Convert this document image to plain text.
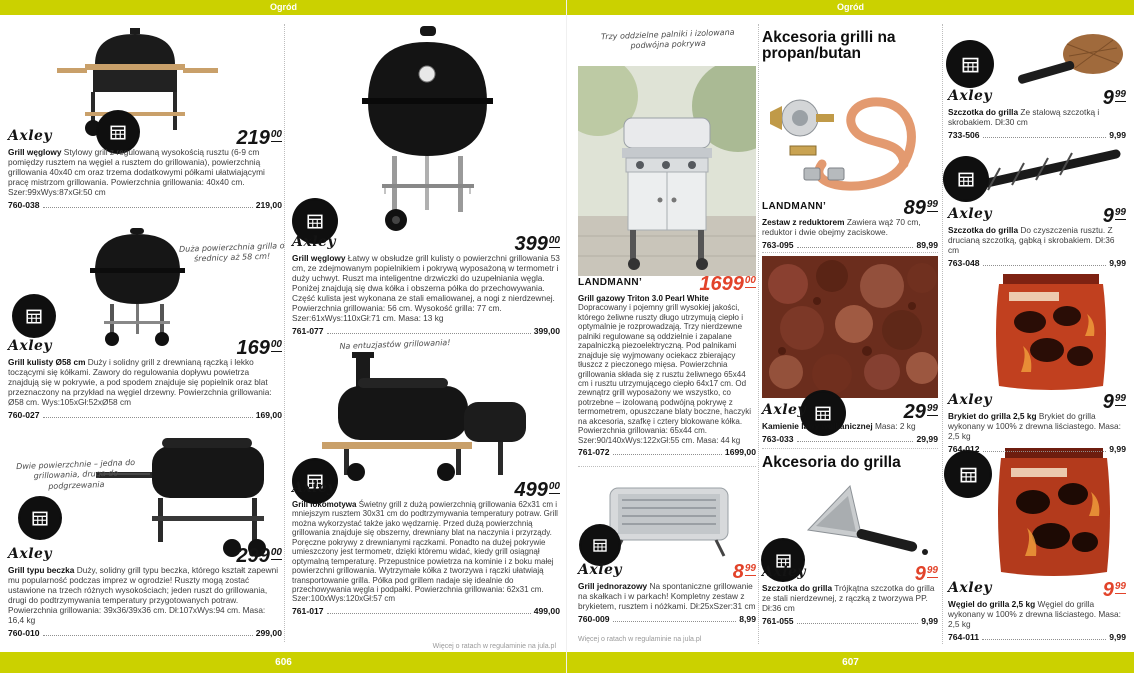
Ogród	Ogród
606	607
Więcej o ratach w regulaminie na jula.pl
Więcej o ratach w regulaminie na jula.pl
Duża powierzchnia grilla o średnicy aż 58 cm!
Dwie powierzchnie – jedna do grillowania, druga do podgrzewania
Na entuzjastów grillowania!
Trzy oddzielne palniki i izolowana podwójna pokrywa	Akcesoria grilli na propan/butan
Akcesoria do grilla
Axley	21900

Grill węglowy Stylowy grill z regulowaną wysokością rusztu (6-9 cm pomiędzy rusztem na węgiel a rusztem do grillowania), powierzchnią grillowania 40x40 cm oraz trzema dodatkowymi półkami ułatwiającymi pracę mistrzom grillowania. Powierzchnia grillowania: 40x40 cm. Szer:99xWys:87xGł:50 cm

760-038	219,00
Axley	16900

Grill kulisty Ø58 cm Duży i solidny grill z drewnianą rączką i lekko toczącymi się kółkami. Zawory do regulowania dopływu powietrza znajdują się w pokrywie, a pod spodem znajduje się popielnik oraz blat przeznaczony na przykład na węgiel drzewny. Powierzchnia grillowania: Ø58 cm. Wys:105xGł:52xØ58 cm

760-027	169,00
Axley	29900

Grill typu beczka Duży, solidny grill typu beczka, którego kształt zapewni mu popularność podczas imprez w ogrodzie! Ruszty mogą zostać ustawione na trzech różnych wysokościach; jeden ruszt do grillowania, drugi do podtrzymywania temperatury przygotowanych potraw. Powierzchnia grillowania: 39x36/39x36 cm. Dł:107xWys:94 cm. Masa: 16,4 kg

760-010	299,00
Axley	39900

Grill węglowy Łatwy w obsłudze grill kulisty o powierzchni grillowania 53 cm, ze zdejmowanym popielnikiem i pokrywą wyposażoną w termometr i duży uchwyt. Ruszt ma inteligentne drzwiczki do uzupełniania węgla. Poniżej znajdują się dwa kółka i obszerna półka do przechowywania. Część kulista jest wykonana ze stali emaliowanej, a nogi z nierdzewnej. Powierzchnia grillowania: 56 cm. Wysokość grilla: 77 cm. Szer:61xWys:110xGł:71 cm. Masa: 13 kg

761-077	399,00
Axley	49900

Grill lokomotywa Świetny grill z dużą powierzchnią grillowania 62x31 cm i mniejszym rusztem 30x31 cm do podtrzymywania temperatury potraw. Grill można wykorzystać także jako wędzarnię. Przed dużą powierzchnią grillowania znajduje się obszerny, drewniany blat na naczynia i przyrządy. Poręczne pokrywy z drewnianymi rączkami. Ponadto na dużej pokrywie umieszczony jest termometr, dzięki któremu widać, kiedy grill osiągnął optymalną temperaturę. Przepustnice powietrza na kominie i z boku małej powierzchni grillowania. Wytrzymałe kółka z tworzywa i rączki ułatwiają transportowanie grilla. Półka pod grillem nadaje się idealnie do przechowywania węgla i podpałki. Powierzchnia grillowania: 62x31 cm. Szer:100xWys:120xGł:57 cm

761-017	499,00
LANDMANN’	169900

Grill gazowy Triton 3.0 Pearl White Dopracowany i pojemny grill wysokiej jakości, którego żeliwne ruszty długo utrzymują ciepło i optymalnie je rozprowadzają. Trzy nierdzewne palniki regulowane są oddzielnie i zapalane zapalniczką piezoelektryczną. Pod palnikami znajduje się wyjmowany ociekacz zbierający tłuszcz z pieczonego mięsa. Powierzchnia grillowania składa się z rusztu żeliwnego 65x44 cm i rusztu utrzymującego ciepło 64x17 cm. Od zewnątrz grill wyposażony we wszystko, co potrzebne – izolowaną podwójną pokrywę z termometrem, opuszczane blaty boczne, haczyki na akcesoria, szafkę i cztery blokowane kółka. Powierzchnia grillowania: 65x44 cm. Szer:90/140xWys:122xGł:55 cm. Masa: 44 kg

761-072	1699,00
Axley	899

Grill jednorazowy Na spontaniczne grillowanie na skałkach i w parkach! Kompletny zestaw z brykietem, rusztem i nóżkami. Dł:25xSzer:31 cm

760-009	8,99
LANDMANN’	8999

Zestaw z reduktorem Zawiera wąż 70 cm, reduktor i dwie obejmy zaciskowe.

763-095	89,99
Axley	2999

Kamienie lawy wulkanicznej Masa: 2 kg

763-033	29,99
Axley	999

Szczotka do grilla Trójkątna szczotka do grilla ze stali nierdzewnej, z rączką z tworzywa PP. Dł:36 cm

761-055	9,99
Axley	999

Szczotka do grilla Ze stalową szczotką i skrobakiem. Dł:30 cm

733-506	9,99
Axley	999

Szczotka do grilla Do czyszczenia rusztu. Z drucianą szczotką, gąbką i skrobakiem. Dł:36 cm

763-048	9,99
Axley	999

Brykiet do grilla 2,5 kg Brykiet do grilla wykonany w 100% z drewna liściastego. Masa: 2,5 kg

764-012	9,99
Axley	999

Węgiel do grilla 2,5 kg Węgiel do grilla wykonany w 100% z drewna liściastego. Masa: 2,5 kg

764-011	9,99
